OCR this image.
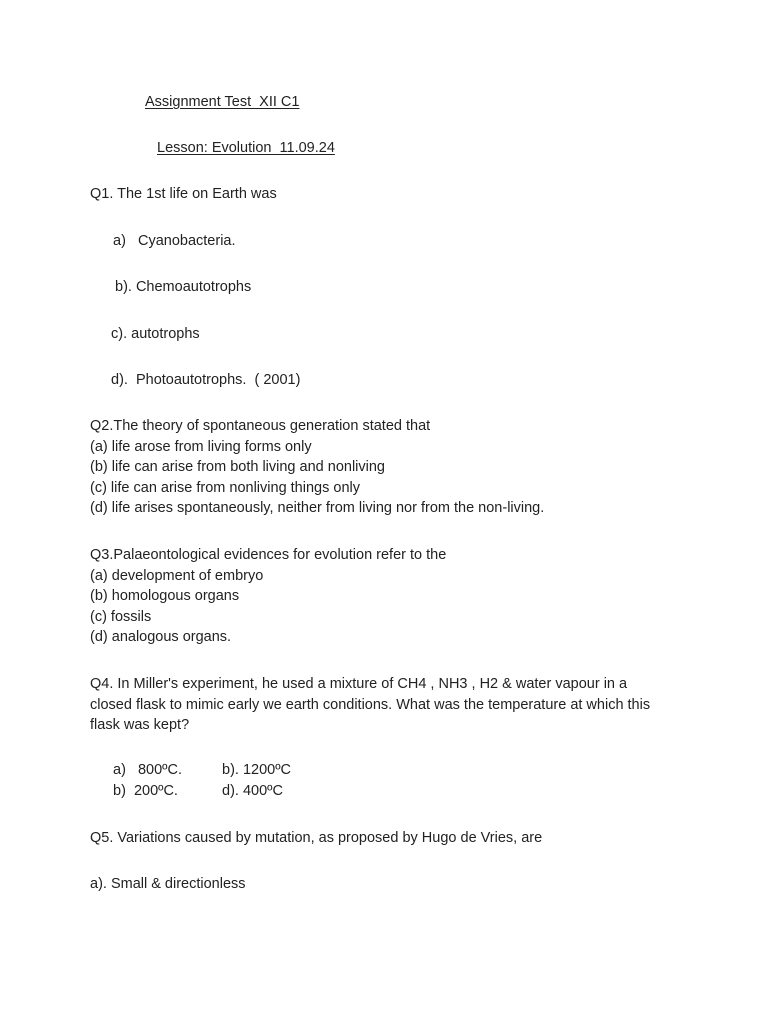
Assignment Test  XII C1
Lesson: Evolution  11.09.24
Q1. The 1st life on Earth was
a)   Cyanobacteria.
b). Chemoautotrophs
c). autotrophs
d).  Photoautotrophs.  ( 2001)
Q2.The theory of spontaneous generation stated that
(a) life arose from living forms only
(b) life can arise from both living and nonliving
(c) life can arise from nonliving things only
(d) life arises spontaneously, neither from living nor from the non-living.
Q3.Palaeontological evidences for evolution refer to the
(a) development of embryo
(b) homologous organs
(c) fossils
(d) analogous organs.
Q4. In Miller's experiment, he used a mixture of CH4 , NH3 , H2 & water vapour in a
closed flask to mimic early we earth conditions. What was the temperature at which this
flask was kept?
a)   800ºC.	b). 1200ºC
b)  200ºC.	d). 400ºC
Q5. Variations caused by mutation, as proposed by Hugo de Vries, are
a). Small & directionless
